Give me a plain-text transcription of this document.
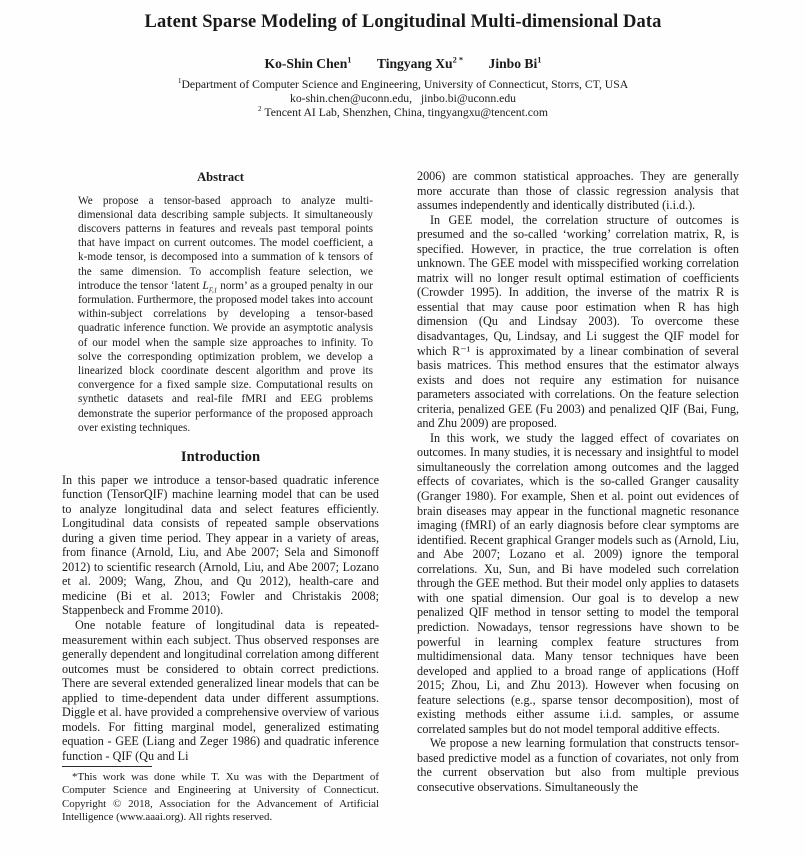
Latent Sparse Modeling of Longitudinal Multi-dimensional Data
Ko-Shin Chen$^1$ Tingyang $Xu^{2 *}$ Jinbo Bi$^1$
$^1$Department of Computer Science and Engineering, University of Connecticut, Storrs, CT, USA
ko-shin.chen@uconn.edu,   jinbo.bi@uconn.edu
$^2$ Tencent AI Lab, Shenzhen, China, tingyangxu@tencent.com
Abstract

We propose a tensor-based approach to analyze multi-dimensional data describing sample subjects. It simultaneously discovers patterns in features and reveals past temporal points that have impact on current outcomes. The model coefficient, a k-mode tensor, is decomposed into a summation of k tensors of the same dimension. To accomplish feature selection, we introduce the tensor ‘latent $L_{F,1}$ norm’ as a grouped penalty in our formulation. Furthermore, the proposed model takes into account within-subject correlations by developing a tensor-based quadratic inference function. We provide an asymptotic analysis of our model when the sample size approaches to infinity. To solve the corresponding optimization problem, we develop a linearized block coordinate descent algorithm and prove its convergence for a fixed sample size. Computational results on synthetic datasets and real-file fMRI and EEG problems demonstrate the superior performance of the proposed approach over existing techniques.

Introduction

In this paper we introduce a tensor-based quadratic inference function (TensorQIF) machine learning model that can be used to analyze longitudinal data and select features efficiently. Longitudinal data consists of repeated sample observations during a given time period. They appear in a variety of areas, from finance (Arnold, Liu, and Abe 2007; Sela and Simonoff 2012) to scientific research (Arnold, Liu, and Abe 2007; Lozano et al. 2009; Wang, Zhou, and Qu 2012), health-care and medicine (Bi et al. 2013; Fowler and Christakis 2008; Stappenbeck and Fromme 2010).

One notable feature of longitudinal data is repeated-measurement within each subject. Thus observed responses are generally dependent and longitudinal correlation among different outcomes must be considered to obtain correct predictions. There are several extended generalized linear models that can be applied to time-dependent data under different assumptions. Diggle et al. have provided a comprehensive overview of various models. For fitting marginal model, generalized estimating equation - GEE (Liang and Zeger 1986) and quadratic inference function - QIF (Qu and Li

*This work was done while T. Xu was with the Department of Computer Science and Engineering at University of Connecticut. Copyright © 2018, Association for the Advancement of Artificial Intelligence (www.aaai.org). All rights reserved.

2006) are common statistical approaches. They are generally more accurate than those of classic regression analysis that assumes independently and identically distributed (i.i.d.).

In GEE model, the correlation structure of outcomes is presumed and the so-called ‘working’ correlation matrix, R, is specified. However, in practice, the true correlation is often unknown. The GEE model with misspecified working correlation matrix will no longer result optimal estimation of coefficients (Crowder 1995). In addition, the inverse of the matrix R is essential that may cause poor estimation when R has high dimension (Qu and Lindsay 2003). To overcome these disadvantages, Qu, Lindsay, and Li suggest the QIF model for which R⁻¹ is approximated by a linear combination of several basis matrices. This method ensures that the estimator always exists and does not require any estimation for nuisance parameters associated with correlations. On the feature selection criteria, penalized GEE (Fu 2003) and penalized QIF (Bai, Fung, and Zhu 2009) are proposed.

In this work, we study the lagged effect of covariates on outcomes. In many studies, it is necessary and insightful to model simultaneously the correlation among outcomes and the lagged effects of covariates, which is the so-called Granger causality (Granger 1980). For example, Shen et al. point out evidences of brain diseases may appear in the functional magnetic resonance imaging (fMRI) of an early diagnosis before clear symptoms are identified. Recent graphical Granger models such as (Arnold, Liu, and Abe 2007; Lozano et al. 2009) ignore the temporal correlations. Xu, Sun, and Bi have modeled such correlation through the GEE method. But their model only applies to datasets with one spatial dimension. Our goal is to develop a new penalized QIF method in tensor setting to model the temporal prediction. Nowadays, tensor regressions have shown to be powerful in learning complex feature structures from multidimensional data. Many tensor techniques have been developed and applied to a broad range of applications (Hoff 2015; Zhou, Li, and Zhu 2013). However when focusing on feature selections (e.g., sparse tensor decomposition), most of existing methods either assume i.i.d. samples, or assume correlated samples but do not model temporal additive effects.

We propose a new learning formulation that constructs tensor-based predictive model as a function of covariates, not only from the current observation but also from multiple previous consecutive observations. Simultaneously the
